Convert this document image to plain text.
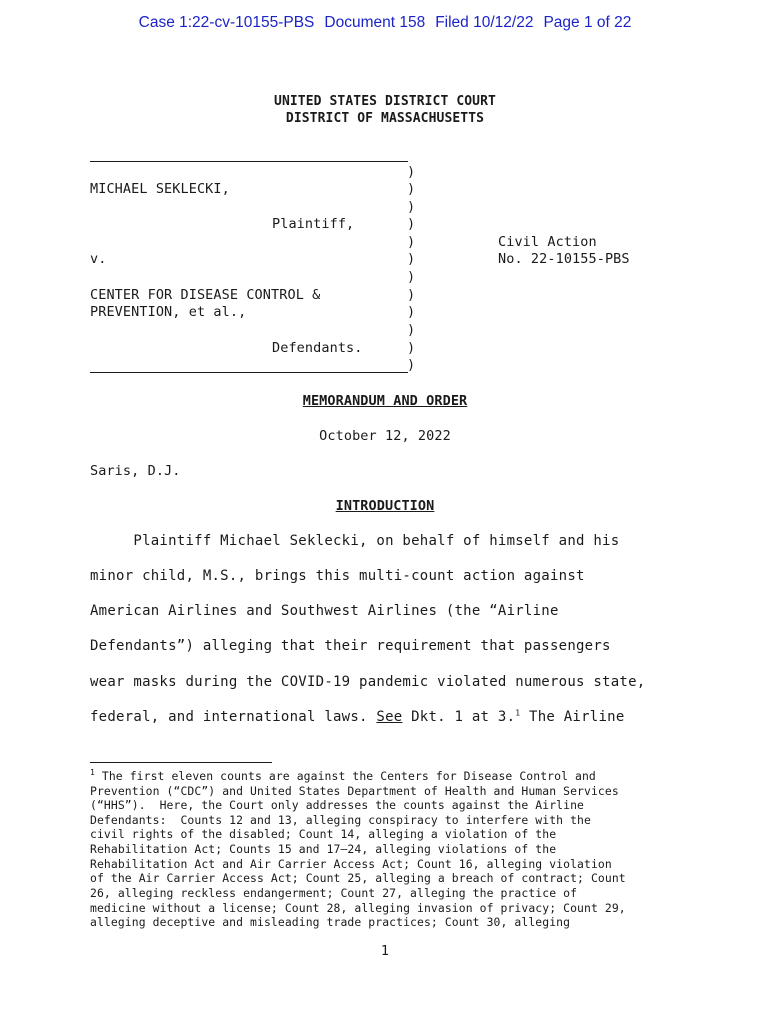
Case 1:22-cv-10155-PBS Document 158 Filed 10/12/22 Page 1 of 22
UNITED STATES DISTRICT COURT
DISTRICT OF MASSACHUSETTS
)
)
)
)
)
)
)
)
)
)
)
)
MICHAEL SEKLECKI,
Plaintiff,
v.
CENTER FOR DISEASE CONTROL &
PREVENTION, et al.,
Defendants.
Civil Action
No. 22-10155-PBS
MEMORANDUM AND ORDER
October 12, 2022
Saris, D.J.
INTRODUCTION
Plaintiff Michael Seklecki, on behalf of himself and his
minor child, M.S., brings this multi-count action against
American Airlines and Southwest Airlines (the “Airline
Defendants”) alleging that their requirement that passengers
wear masks during the COVID-19 pandemic violated numerous state,
federal, and international laws. See Dkt. 1 at 3.$^1$ The Airline
$^1$ The first eleven counts are against the Centers for Disease Control and
Prevention (“CDC”) and United States Department of Health and Human Services
(“HHS”).  Here, the Court only addresses the counts against the Airline
Defendants:  Counts 12 and 13, alleging conspiracy to interfere with the
civil rights of the disabled; Count 14, alleging a violation of the
Rehabilitation Act; Counts 15 and 17–24, alleging violations of the
Rehabilitation Act and Air Carrier Access Act; Count 16, alleging violation
of the Air Carrier Access Act; Count 25, alleging a breach of contract; Count
26, alleging reckless endangerment; Count 27, alleging the practice of
medicine without a license; Count 28, alleging invasion of privacy; Count 29,
alleging deceptive and misleading trade practices; Count 30, alleging
1
